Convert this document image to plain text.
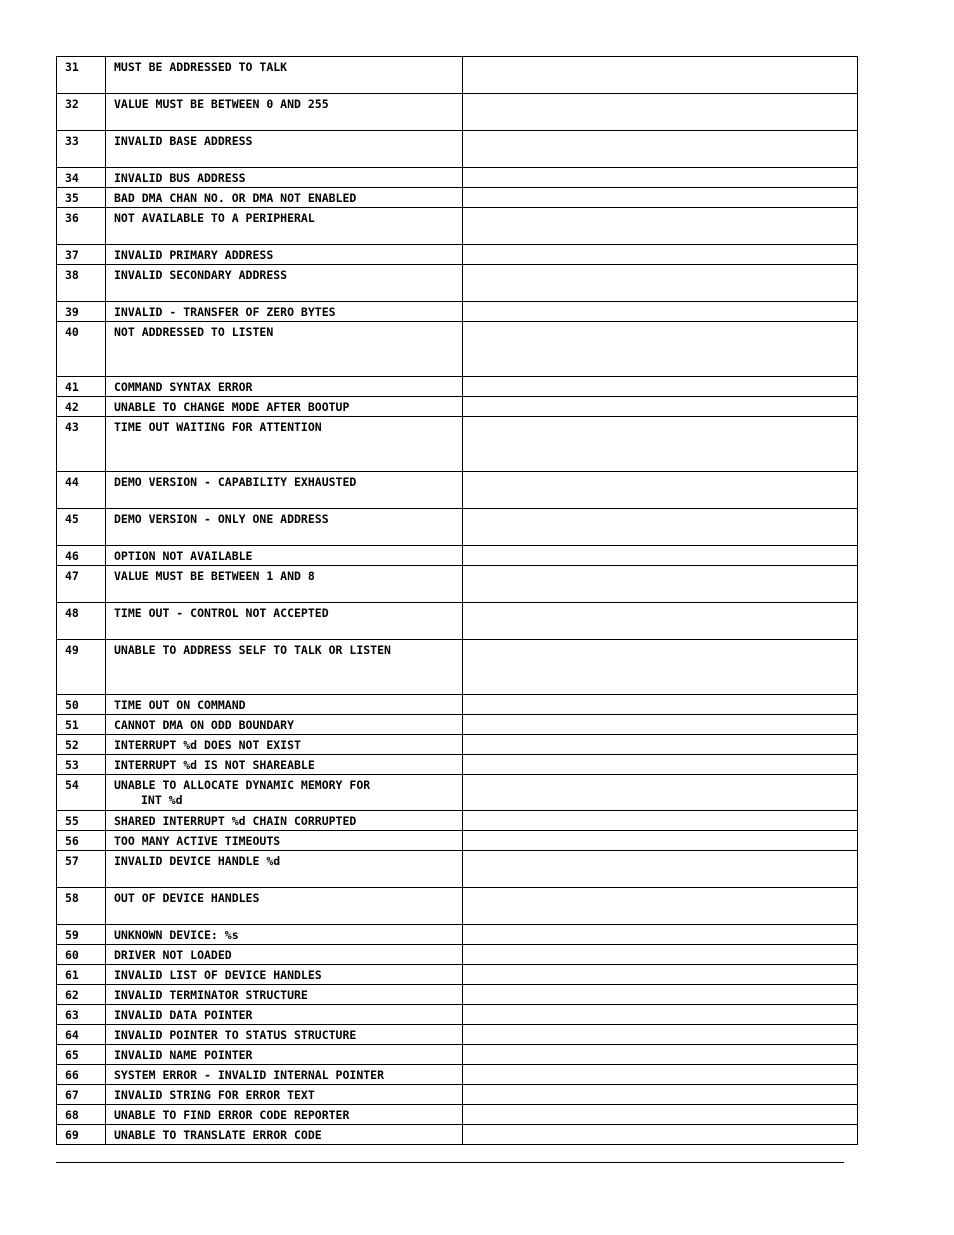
31	MUST BE ADDRESSED TO TALK	
32	VALUE MUST BE BETWEEN 0 AND 255	
33	INVALID BASE ADDRESS	
34	INVALID BUS ADDRESS	
35	BAD DMA CHAN NO. OR DMA NOT ENABLED	
36	NOT AVAILABLE TO A PERIPHERAL	
37	INVALID PRIMARY ADDRESS	
38	INVALID SECONDARY ADDRESS	
39	INVALID - TRANSFER OF ZERO BYTES	
40	NOT ADDRESSED TO LISTEN	
41	COMMAND SYNTAX ERROR	
42	UNABLE TO CHANGE MODE AFTER BOOTUP	
43	TIME OUT WAITING FOR ATTENTION	
44	DEMO VERSION - CAPABILITY EXHAUSTED	
45	DEMO VERSION - ONLY ONE ADDRESS	
46	OPTION NOT AVAILABLE	
47	VALUE MUST BE BETWEEN 1 AND 8	
48	TIME OUT - CONTROL NOT ACCEPTED	
49	UNABLE TO ADDRESS SELF TO TALK OR LISTEN	
50	TIME OUT ON COMMAND	
51	CANNOT DMA ON ODD BOUNDARY	
52	INTERRUPT %d DOES NOT EXIST	
53	INTERRUPT %d IS NOT SHAREABLE	
54	UNABLE TO ALLOCATE DYNAMIC MEMORY FOR
INT %d	

55	SHARED INTERRUPT %d CHAIN CORRUPTED	
56	TOO MANY ACTIVE TIMEOUTS	
57	INVALID DEVICE HANDLE %d	
58	OUT OF DEVICE HANDLES	
59	UNKNOWN DEVICE: %s	
60	DRIVER NOT LOADED	
61	INVALID LIST OF DEVICE HANDLES	
62	INVALID TERMINATOR STRUCTURE	
63	INVALID DATA POINTER	
64	INVALID POINTER TO STATUS STRUCTURE	
65	INVALID NAME POINTER	
66	SYSTEM ERROR - INVALID INTERNAL POINTER	
67	INVALID STRING FOR ERROR TEXT	
68	UNABLE TO FIND ERROR CODE REPORTER	
69	UNABLE TO TRANSLATE ERROR CODE	
